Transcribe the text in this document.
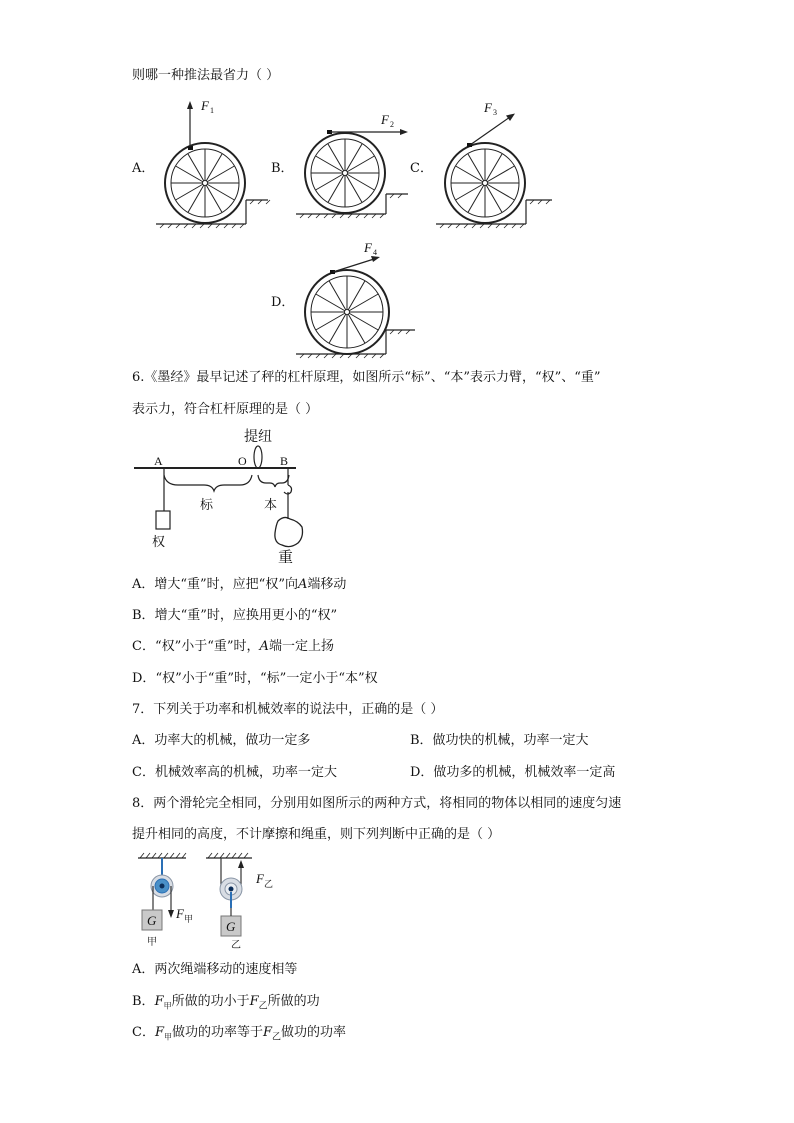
则哪一种推法最省力（ ）
A．	B．	C．
D．
F 1
F 2
F 3
F 4
6.《墨经》最早记述了秤的杠杆原理，如图所示“标”、“本”表示力臂，“权”、“重”
表示力，符合杠杆原理的是（ ）
提纽
A	O	B
标	本
权
重
A．增大“重”时，应把“权”向A端移动
B．增大“重”时，应换用更小的“权”
C．“权”小于“重”时，A端一定上扬
D．“权”小于“重”时，“标”一定小于“本”权
7．下列关于功率和机械效率的说法中，正确的是（ ）
A．功率大的机械，做功一定多	B．做功快的机械，功率一定大
C．机械效率高的机械，功率一定大	D．做功多的机械，机械效率一定高
8．两个滑轮完全相同，分别用如图所示的两种方式，将相同的物体以相同的速度匀速
提升相同的高度，不计摩擦和绳重，则下列判断中正确的是（ ）
G F 甲
甲
G
F 乙
乙
A．两次绳端移动的速度相等
B．$F_甲$所做的功小于$F_乙$所做的功
C．$F_甲$做功的功率等于$F_乙$做功的功率
